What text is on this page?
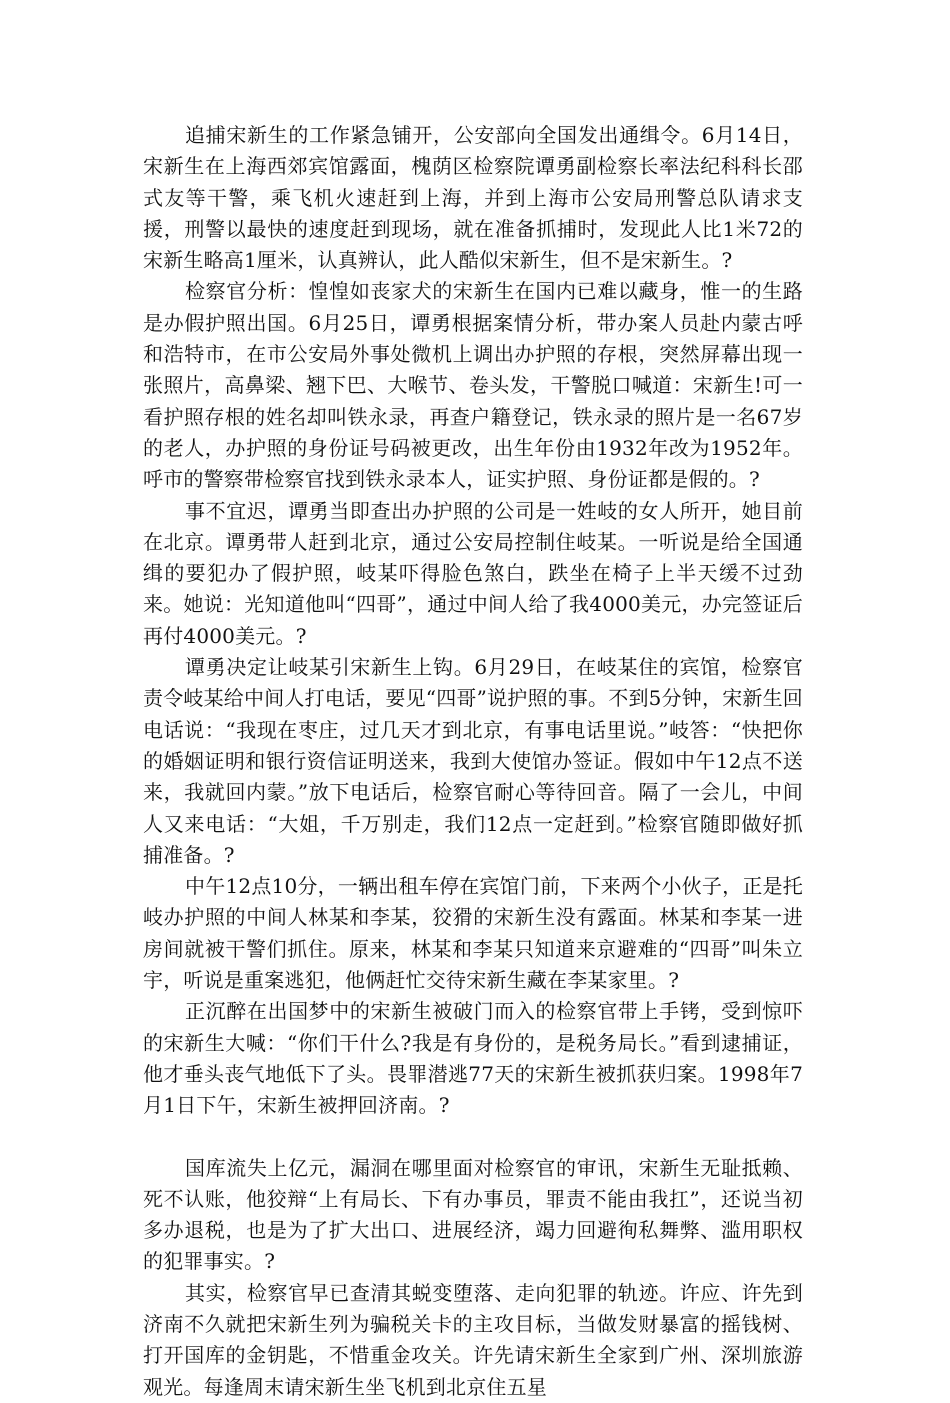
追捕宋新生的工作紧急铺开，公安部向全国发出通缉令。6月14日，宋新生在上海西郊宾馆露面，槐荫区检察院谭勇副检察长率法纪科科长邵式友等干警，乘飞机火速赶到上海，并到上海市公安局刑警总队请求支援，刑警以最快的速度赶到现场，就在准备抓捕时，发现此人比1米72的宋新生略高1厘米，认真辨认，此人酷似宋新生，但不是宋新生。?

检察官分析：惶惶如丧家犬的宋新生在国内已难以藏身，惟一的生路是办假护照出国。6月25日，谭勇根据案情分析，带办案人员赴内蒙古呼和浩特市，在市公安局外事处微机上调出办护照的存根，突然屏幕出现一张照片，高鼻梁、翘下巴、大喉节、卷头发，干警脱口喊道：宋新生!可一看护照存根的姓名却叫铁永录，再查户籍登记，铁永录的照片是一名67岁的老人，办护照的身份证号码被更改，出生年份由1932年改为1952年。呼市的警察带检察官找到铁永录本人，证实护照、身份证都是假的。?

事不宜迟，谭勇当即查出办护照的公司是一姓岐的女人所开，她目前在北京。谭勇带人赶到北京，通过公安局控制住岐某。一听说是给全国通缉的要犯办了假护照，岐某吓得脸色煞白，跌坐在椅子上半天缓不过劲来。她说：光知道他叫“四哥”，通过中间人给了我4000美元，办完签证后再付4000美元。?

谭勇决定让岐某引宋新生上钩。6月29日，在岐某住的宾馆，检察官责令岐某给中间人打电话，要见“四哥”说护照的事。不到5分钟，宋新生回电话说：“我现在枣庄，过几天才到北京，有事电话里说。”岐答：“快把你的婚姻证明和银行资信证明送来，我到大使馆办签证。假如中午12点不送来，我就回内蒙。”放下电话后，检察官耐心等待回音。隔了一会儿，中间人又来电话：“大姐，千万别走，我们12点一定赶到。”检察官随即做好抓捕准备。?

中午12点10分，一辆出租车停在宾馆门前，下来两个小伙子，正是托岐办护照的中间人林某和李某，狡猾的宋新生没有露面。林某和李某一进房间就被干警们抓住。原来，林某和李某只知道来京避难的“四哥”叫朱立宇，听说是重案逃犯，他俩赶忙交待宋新生藏在李某家里。?

正沉醉在出国梦中的宋新生被破门而入的检察官带上手铐，受到惊吓的宋新生大喊：“你们干什么?我是有身份的，是税务局长。”看到逮捕证，他才垂头丧气地低下了头。畏罪潜逃77天的宋新生被抓获归案。1998年7月1日下午，宋新生被押回济南。?

国库流失上亿元，漏洞在哪里面对检察官的审讯，宋新生无耻抵赖、死不认账，他狡辩“上有局长、下有办事员，罪责不能由我扛”，还说当初多办退税，也是为了扩大出口、进展经济，竭力回避徇私舞弊、滥用职权的犯罪事实。?

其实，检察官早已查清其蜕变堕落、走向犯罪的轨迹。许应、许先到济南不久就把宋新生列为骗税关卡的主攻目标，当做发财暴富的摇钱树、打开国库的金钥匙，不惜重金攻关。许先请宋新生全家到广州、深圳旅游观光。每逢周末请宋新生坐飞机到北京住五星
